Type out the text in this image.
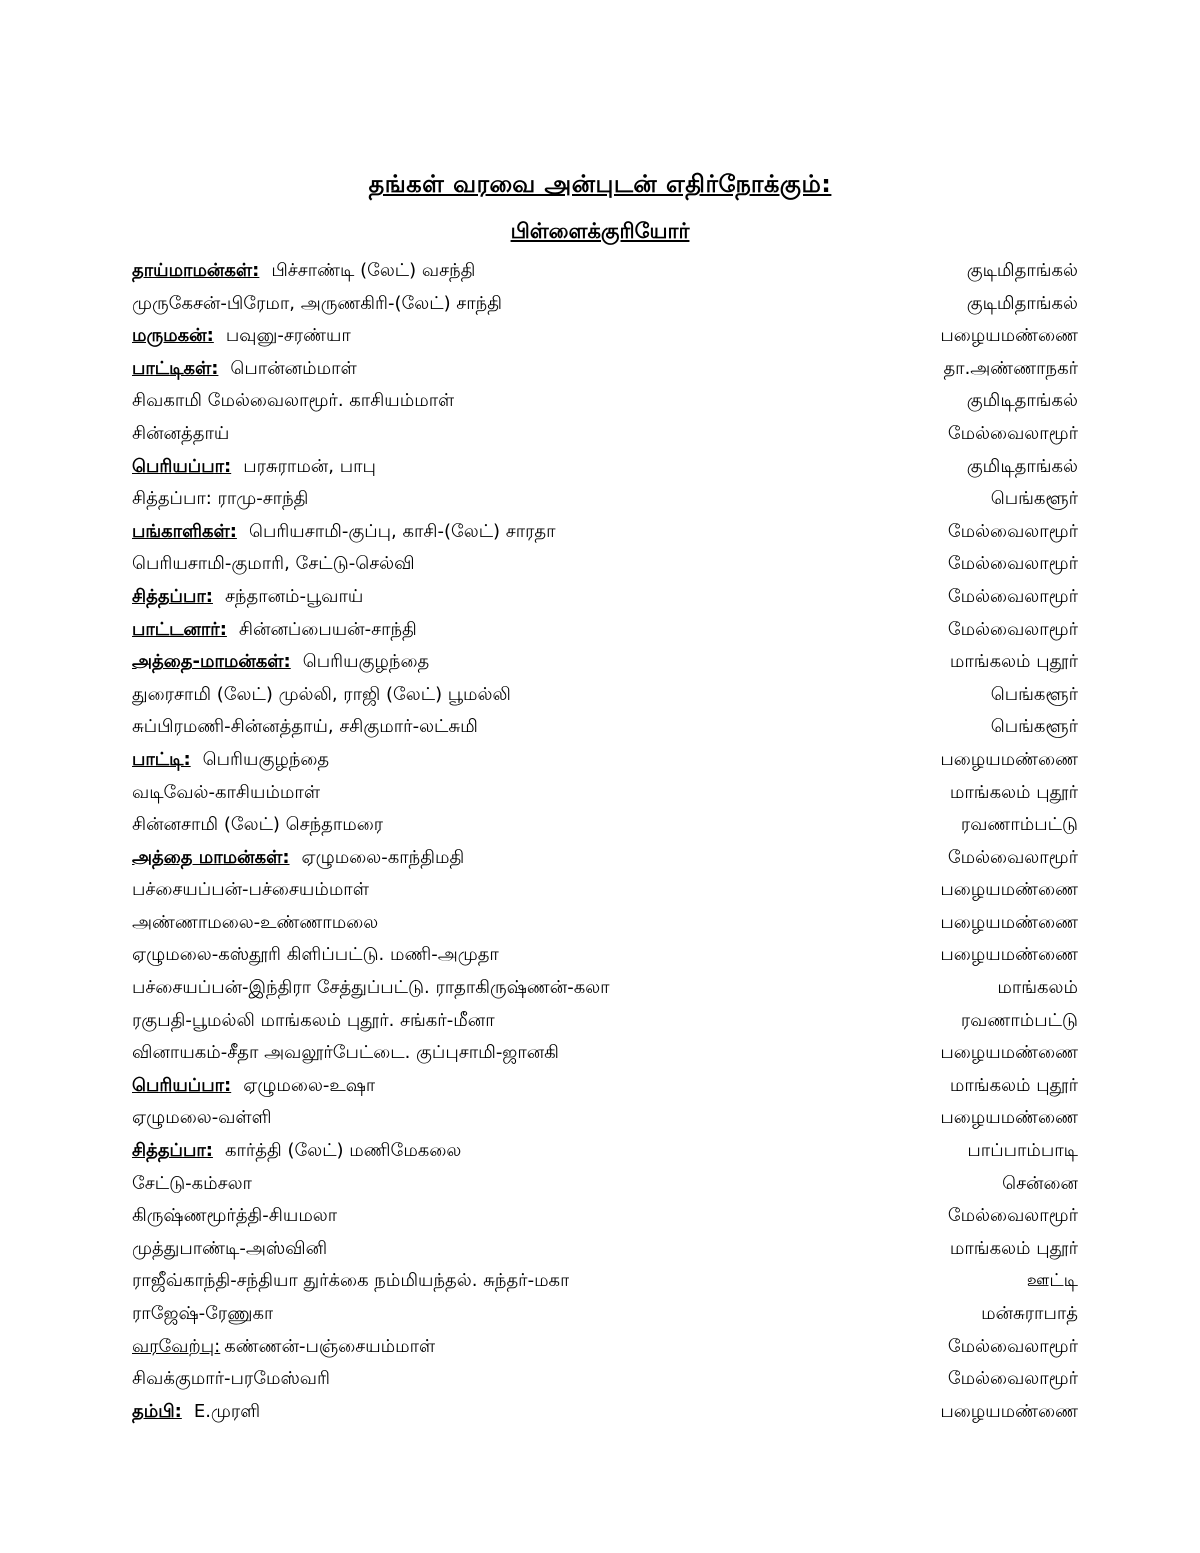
தங்கள் வரவை அன்புடன் எதிர்நோக்கும்:
பிள்ளைக்குரியோர்
தாய்மாமன்கள்: பிச்சாண்டி (லேட்) வசந்தி	குடிமிதாங்கல்
முருகேசன்-பிரேமா, அருணகிரி-(லேட்) சாந்தி	குடிமிதாங்கல்
மருமகன்: பவுனு-சரண்யா	பழையமண்ணை
பாட்டிகள்: பொன்னம்மாள்	தா.அண்ணாநகர்
சிவகாமி மேல்வைலாமூர். காசியம்மாள்	குமிடிதாங்கல்
சின்னத்தாய்	மேல்வைலாமூர்
பெரியப்பா: பரசுராமன், பாபு	குமிடிதாங்கல்
சித்தப்பா: ராமு-சாந்தி	பெங்களூர்
பங்காளிகள்: பெரியசாமி-குப்பு, காசி-(லேட்) சாரதா	மேல்வைலாமூர்
பெரியசாமி-குமாரி, சேட்டு-செல்வி	மேல்வைலாமூர்
சித்தப்பா: சந்தானம்-பூவாய்	மேல்வைலாமூர்
பாட்டனார்: சின்னப்பையன்-சாந்தி	மேல்வைலாமூர்
அத்தை-மாமன்கள்: பெரியகுழந்தை	மாங்கலம் புதூர்
துரைசாமி (லேட்) முல்லி, ராஜி (லேட்) பூமல்லி	பெங்களூர்
சுப்பிரமணி-சின்னத்தாய், சசிகுமார்-லட்சுமி	பெங்களூர்
பாட்டி: பெரியகுழந்தை	பழையமண்ணை
வடிவேல்-காசியம்மாள்	மாங்கலம் புதூர்
சின்னசாமி (லேட்) செந்தாமரை	ரவணாம்பட்டு
அத்தை மாமன்கள்: ஏழுமலை-காந்திமதி	மேல்வைலாமூர்
பச்சையப்பன்-பச்சையம்மாள்	பழையமண்ணை
அண்ணாமலை-உண்ணாமலை	பழையமண்ணை
ஏழுமலை-கஸ்தூரி கிளிப்பட்டு. மணி-அமுதா	பழையமண்ணை
பச்சையப்பன்-இந்திரா சேத்துப்பட்டு. ராதாகிருஷ்ணன்-கலா	மாங்கலம்
ரகுபதி-பூமல்லி மாங்கலம் புதூர். சங்கர்-மீனா	ரவணாம்பட்டு
வினாயகம்-சீதா அவலூர்பேட்டை. குப்புசாமி-ஜானகி	பழையமண்ணை
பெரியப்பா: ஏழுமலை-உஷா	மாங்கலம் புதூர்
ஏழுமலை-வள்ளி	பழையமண்ணை
சித்தப்பா: கார்த்தி (லேட்) மணிமேகலை	பாப்பாம்பாடி
சேட்டு-கம்சலா	சென்னை
கிருஷ்ணமூர்த்தி-சியமலா	மேல்வைலாமூர்
முத்துபாண்டி-அஸ்வினி	மாங்கலம் புதூர்
ராஜீவ்காந்தி-சந்தியா துர்க்கை நம்மியந்தல். சுந்தர்-மகா	ஊட்டி
ராஜேஷ்-ரேணுகா	மன்சுராபாத்
வரவேற்பு: கண்ணன்-பஞ்சையம்மாள்	மேல்வைலாமூர்
சிவக்குமார்-பரமேஸ்வரி	மேல்வைலாமூர்
தம்பி: E.முரளி	பழையமண்ணை
